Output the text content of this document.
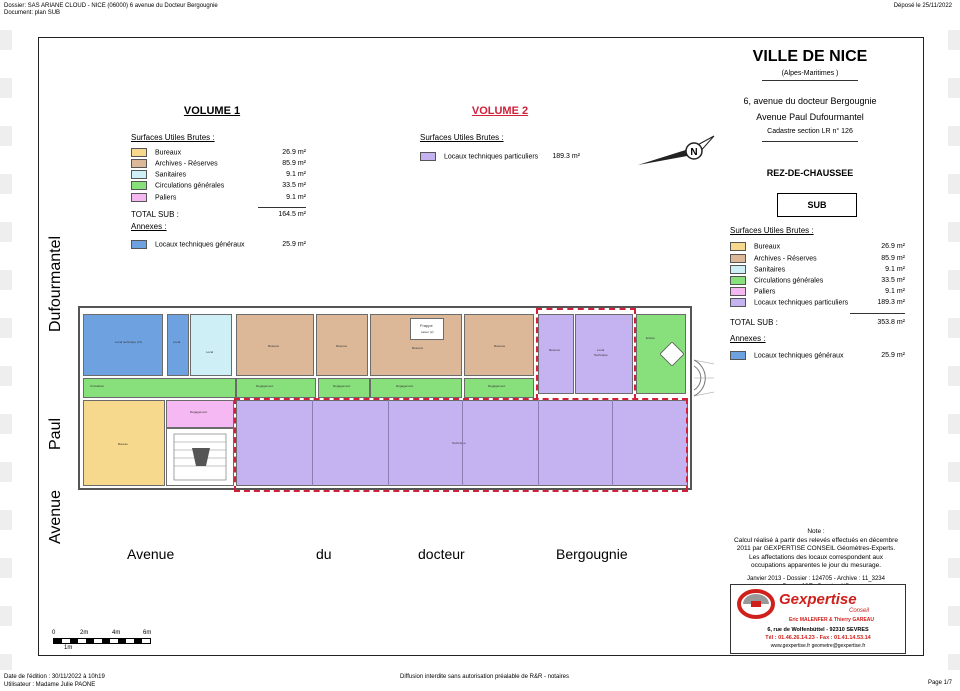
Dossier: SAS ARIANE CLOUD - NICE (06000) 6 avenue du Docteur Bergougnie
Document: plan SUB
Déposé le 25/11/2022
VOLUME 1
Surfaces Utiles Brutes :
Bureaux	26.9 m²
Archives - Réserves	85.9 m²
Sanitaires	9.1 m²
Circulations générales	33.5 m²
Paliers	9.1 m²
TOTAL SUB :	164.5 m²
Annexes :
Locaux techniques généraux	25.9 m²
VOLUME 2
Surfaces Utiles Brutes :
Locaux techniques particuliers	189.3 m²	N
VILLE DE NICE
(Alpes-Maritimes )
6, avenue du docteur Bergougnie
Avenue Paul Dufourmantel
Cadastre section LR n° 126
REZ-DE-CHAUSSEE
SUB
Surfaces Utiles Brutes :
Bureaux	26.9 m²
Archives - Réserves	85.9 m²
Sanitaires	9.1 m²
Circulations générales	33.5 m²
Paliers	9.1 m²
Locaux techniques particuliers	189.3 m²
TOTAL SUB :	353.8 m²
Annexes :
Locaux techniques généraux	25.9 m²
Local technique (LT)	Local
Local
Réserve	Réserve	Réserve
Frappe
casier (2)
Réserve
Réserve	Local
Technique
Entrée
Circulation	Dégagement	Dégagement	Dégagement	Dégagement
Bureau
Dégagement
Technique
Avenue	du	docteur	Bergougnie
Avenue
Paul
Dufourmantel
0	2m	4m	6m
1m
Note :
Calcul réalisé à partir des relevés effectués en décembre
2011 par GEXPERTISE CONSEIL Géomètres-Experts.
Les affectations des locaux correspondent aux
occupations apparentes le jour du mesurage.
Janvier 2013 - Dossier : 124705 - Archive : 11_3234
Gexpertise
Conseil
Eric MALENFER & Thierry GAREAU
6, rue de Wolfenbüttel - 92310 SEVRES
Tél : 01.46.26.14.23 - Fax : 01.41.14.53.14
www.gexpertise.fr geometre@gexpertise.fr
Date de l'édition : 30/11/2022 à 10h19
Utilisateur : Madame Julie PAONE
Diffusion interdite sans autorisation préalable de R&R - notaires
Page 1/7
